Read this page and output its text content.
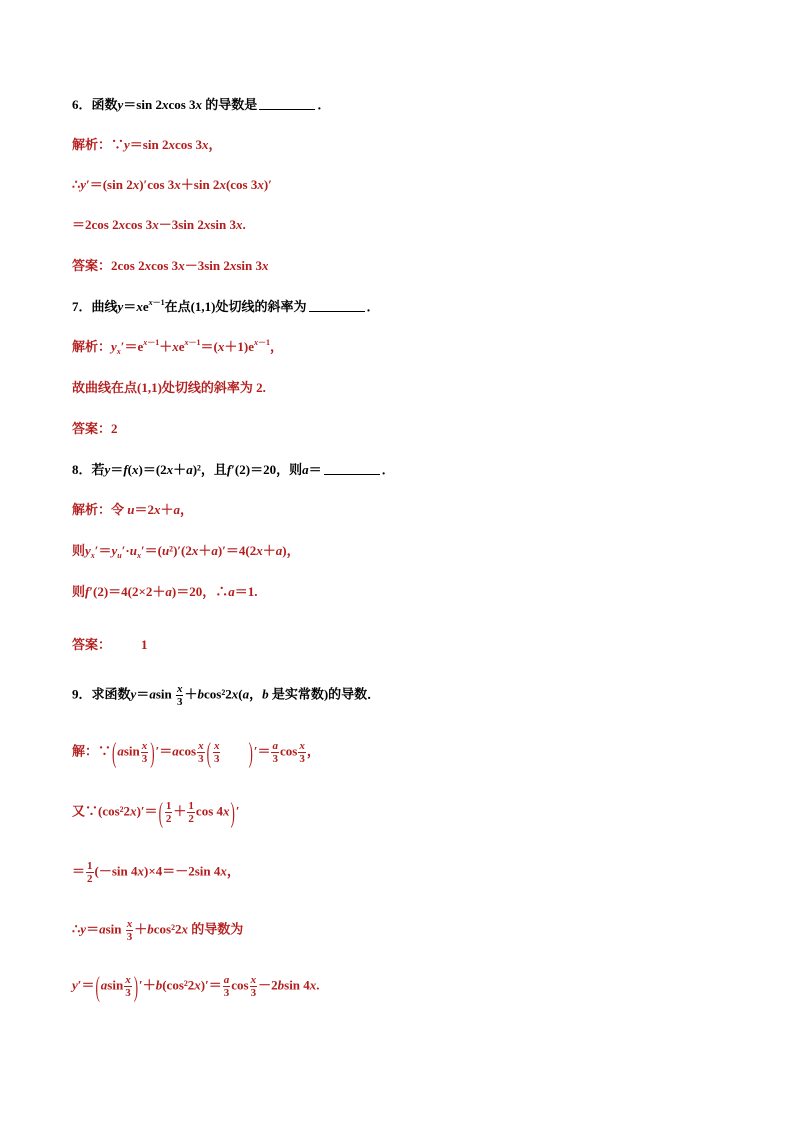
6．函数y＝sin 2xcos 3x 的导数是	．
解析：∵y＝sin 2xcos 3x，
∴y′＝(sin 2x)′cos 3x＋sin 2x(cos 3x)′
＝2cos 2xcos 3x－3sin 2xsin 3x.
答案：2cos 2xcos 3x－3sin 2xsin 3x
7．曲线$y=xe^{x-1}$在点(1,1)处切线的斜率为	．
解析：$y_x'=e^{x-1}+xe^{x-1}=(x+1)e^{x-1}$，
故曲线在点(1,1)处切线的斜率为 2.
答案：2
8．若y＝f(x)＝(2x＋a)²，且f′(2)＝20，则a＝	．
解析：令 u＝2x＋a，
则$y_x'=y_u'\cdot u_x'=(u^2)'(2x+a)'=4(2x+a)$，
则f′(2)＝4(2×2＋a)＝20，∴a＝1.
答案： 1
9．求函数$y=asin \frac{x}{3} +bcos^22x(a$，b 是实常数)的导数．
解：∵(asin $\frac{x}{3} )'=acos \frac{x}{3}$ ( $\frac{x}{3}$ )′＝ $\frac{a}{3}$ $\cos \frac{x}{3}$ ，
又∵(cos²2x)′＝( $\frac{1}{2} + \frac{1}{2}$ cos 4x)′
＝ $\frac{1}{2} (-\sin$ 4x)×4＝－2sin 4x，
∴y＝asin $\frac{x}{3} +bcos^22x$ 的导数为
$y'=(asin \frac{x}{3} )'+b(\cos^22x)'= \frac{a}{3}$ $\cos \frac{x}{3} -2bsin$ 4x.
